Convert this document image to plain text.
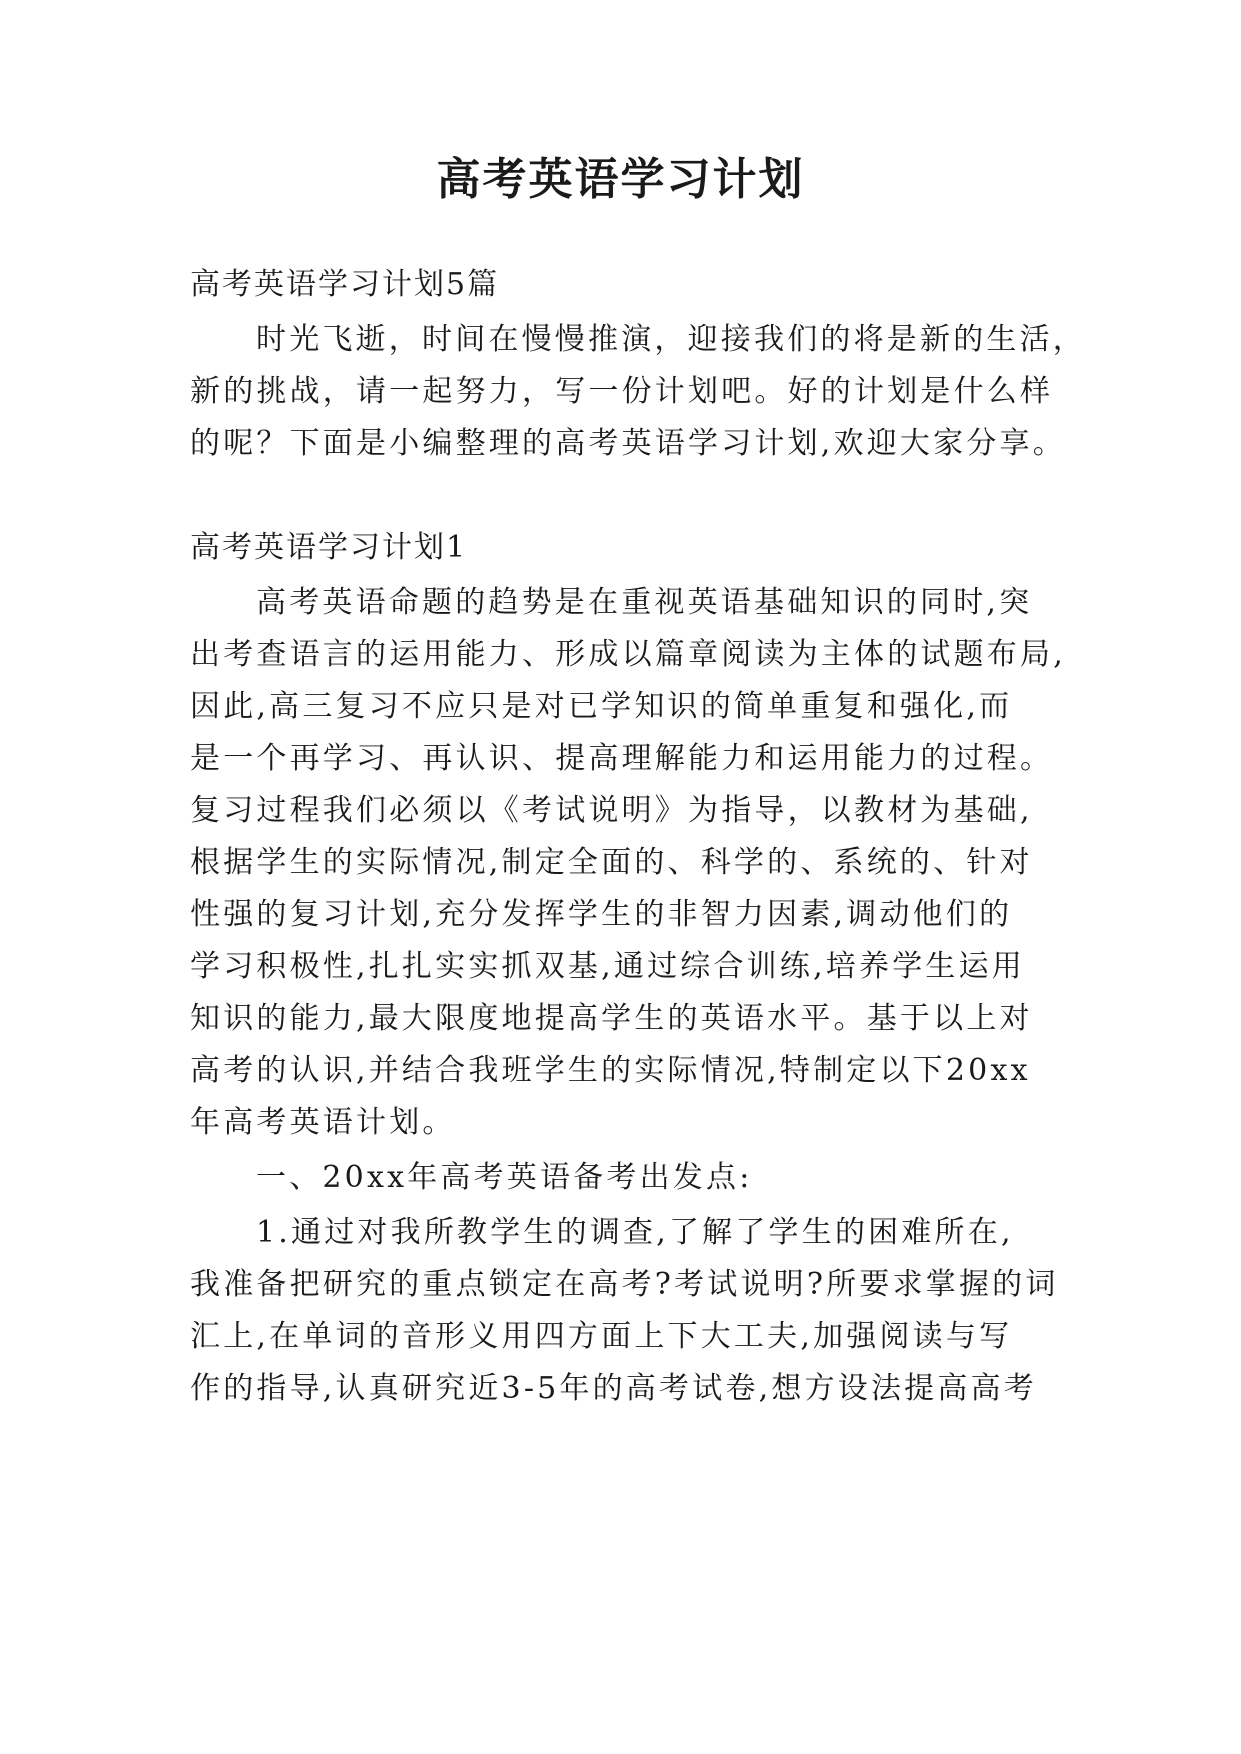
高考英语学习计划
高考英语学习计划5篇
时光飞逝，时间在慢慢推演，迎接我们的将是新的生活，
新的挑战，请一起努力，写一份计划吧。好的计划是什么样
的呢？下面是小编整理的高考英语学习计划,欢迎大家分享。
高考英语学习计划1
高考英语命题的趋势是在重视英语基础知识的同时,突
出考查语言的运用能力、形成以篇章阅读为主体的试题布局,
因此,高三复习不应只是对已学知识的简单重复和强化,而
是一个再学习、再认识、提高理解能力和运用能力的过程。
复习过程我们必须以《考试说明》为指导，以教材为基础,
根据学生的实际情况,制定全面的、科学的、系统的、针对
性强的复习计划,充分发挥学生的非智力因素,调动他们的
学习积极性,扎扎实实抓双基,通过综合训练,培养学生运用
知识的能力,最大限度地提高学生的英语水平。基于以上对
高考的认识,并结合我班学生的实际情况,特制定以下20xx
年高考英语计划。
一、20xx年高考英语备考出发点:
1.通过对我所教学生的调查,了解了学生的困难所在,
我准备把研究的重点锁定在高考?考试说明?所要求掌握的词
汇上,在单词的音形义用四方面上下大工夫,加强阅读与写
作的指导,认真研究近3-5年的高考试卷,想方设法提高高考
